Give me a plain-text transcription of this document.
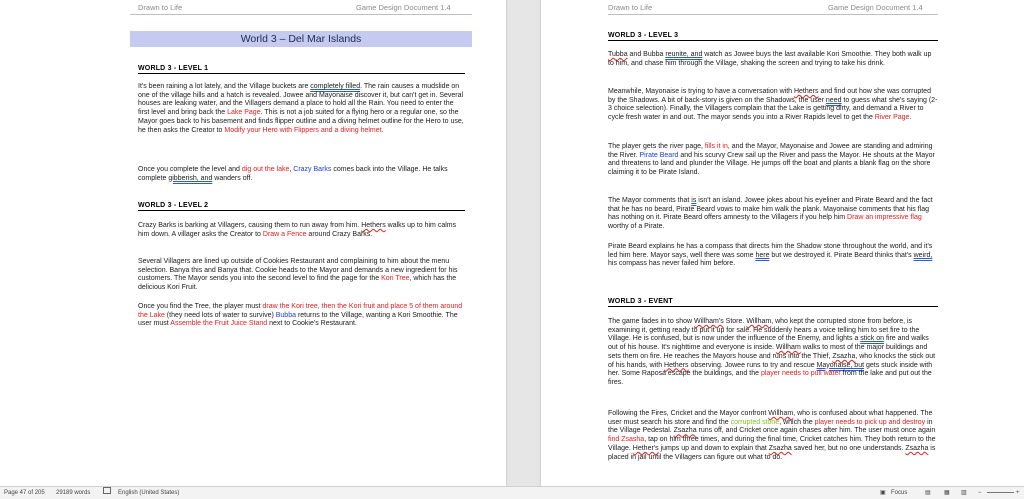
Drawn to Life	Game Design Document 1.4
World 3 – Del Mar Islands
WORLD 3 - LEVEL 1

It's been raining a lot lately, and the Village buckets are completely filled. The rain causes a mudslide on one of the village hills and a hatch is revealed. Jowee and Mayonaise discover it, but can't get in. Several houses are leaking water, and the Villagers demand a place to hold all the Rain. You need to enter the first level and bring back the Lake Page. This is not a job suited for a flying hero or a regular one, so the Mayor goes back to his basement and finds flipper outline and a diving helmet outline for the Hero to use, he then asks the Creator to Modify your Hero with Flippers and a diving helmet.

Once you complete the level and dig out the lake, Crazy Barks comes back into the Village. He talks complete gibberish, and wanders off.

WORLD 3 - LEVEL 2

Crazy Barks is barking at Villagers, causing them to run away from him. Hethers walks up to him calms him down. A villager asks the Creator to Draw a Fence around Crazy Barks.

Several Villagers are lined up outside of Cookies Restaurant and complaining to him about the menu selection. Banya this and Banya that. Cookie heads to the Mayor and demands a new ingredient for his customers. The Mayor sends you into the second level to find the page for the Kori Tree, which has the delicious Kori Fruit.

Once you find the Tree, the player must draw the Kori tree, then the Kori fruit and place 5 of them around the Lake (they need lots of water to survive) Bubba returns to the Village, wanting a Kori Smoothie. The user must Assemble the Fruit Juice Stand next to Cookie's Restaurant.

Drawn to Life	Game Design Document 1.4
WORLD 3 - LEVEL 3

Tubba and Bubba reunite, and watch as Jowee buys the last available Kori Smoothie. They both walk up to him, and chase him through the Village, shaking the screen and trying to take his drink.

Meanwhile, Mayonaise is trying to have a conversation with Hethers and find out how she was corrupted by the Shadows. A bit of back-story is given on the Shadows, the user need to guess what she's saying (2-3 choice selection). Finally, the Villagers complain that the Lake is getting dirty, and demand a River to cycle fresh water in and out. The mayor sends you into a River Rapids level to get the River Page.

The player gets the river page, fills it in, and the Mayor, Mayonaise and Jowee are standing and admiring the River. Pirate Beard and his scurvy Crew sail up the River and pass the Mayor. He shouts at the Mayor and threatens to land and plunder the Village. He jumps off the boat and plants a blank flag on the shore claiming it to be Pirate Island.

The Mayor comments that is isn't an island. Jowee jokes about his eyeliner and Pirate Beard and the fact that he has no beard, Pirate Beard vows to make him walk the plank. Mayonaise comments that his flag has nothing on it. Pirate Beard offers amnesty to the Villagers if you help him Draw an impressive flag worthy of a Pirate.

Pirate Beard explains he has a compass that directs him the Shadow stone throughout the world, and it's led him here. Mayor says, well there was some here but we destroyed it. Pirate Beard thinks that's weird, his compass has never failed him before.

WORLD 3 - EVENT

The game fades in to show Willham's Store. Willham, who kept the corrupted stone from before, is examining it, getting ready to put it up for sale. He suddenly hears a voice telling him to set fire to the Village. He is confused, but is now under the influence of the Enemy, and lights a stick on fire and walks out of his house. It's nighttime and everyone is inside. Willham walks to most of the major buildings and sets them on fire. He reaches the Mayors house and runs into the Thief, Zsazha, who knocks the stick out of his hands, with Hethers observing. Jowee runs to try and rescue Mayonaise, but gets stuck inside with her. Some Raposa escape the buildings, and the player needs to pull water from the lake and put out the fires.

Following the Fires, Cricket and the Mayor confront Willham, who is confused about what happened. The user must search his store and find the corrupted stone, which the player needs to pick up and destroy in the Village Pedestal. Zsazha runs off, and Cricket once again chases after him. The user must once again find Zsasha, tap on him three times, and during the final time, Cricket catches him. They both return to the Village. Hether's jumps up and down to explain that Zsazha saved her, but no one understands. Zsazha is placed in jail until the Villagers can figure out what to do.

Page 47 of 205 29189 words	English (United States)	▣ Focus	▤ ▦ ▥ −	+
